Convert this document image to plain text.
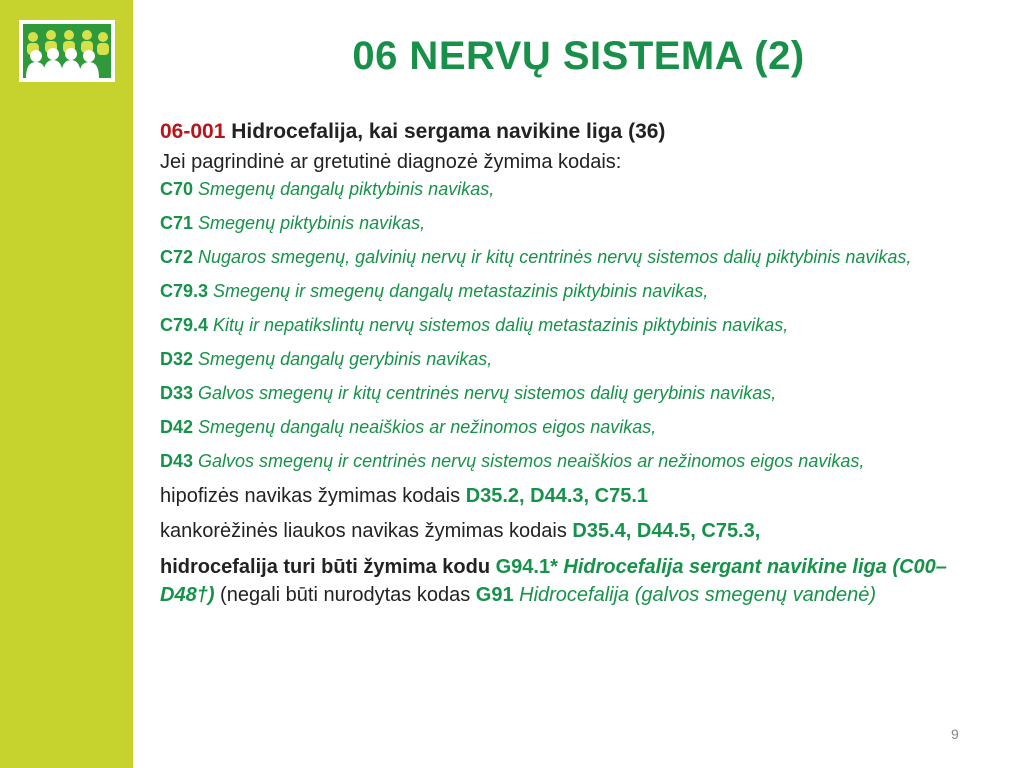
06 NERVŲ SISTEMA (2)

06-001 Hidrocefalija, kai sergama navikine liga (36)

Jei pagrindinė ar gretutinė diagnozė žymima kodais:

C70 Smegenų dangalų piktybinis navikas,

C71 Smegenų piktybinis navikas,

C72 Nugaros smegenų, galvinių nervų ir kitų centrinės nervų sistemos dalių piktybinis navikas,

C79.3 Smegenų ir smegenų dangalų metastazinis piktybinis navikas,

C79.4 Kitų ir nepatikslintų nervų sistemos dalių metastazinis piktybinis navikas,

D32 Smegenų dangalų gerybinis navikas,

D33 Galvos smegenų ir kitų centrinės nervų sistemos dalių gerybinis navikas,

D42 Smegenų dangalų neaiškios ar nežinomos eigos navikas,

D43 Galvos smegenų ir centrinės nervų sistemos neaiškios ar nežinomos eigos navikas,

hipofizės navikas žymimas kodais D35.2, D44.3, C75.1

kankorėžinės liaukos navikas žymimas kodais D35.4, D44.5, C75.3,

hidrocefalija turi būti žymima kodu G94.1* Hidrocefalija sergant navikine liga (C00–D48†) (negali būti nurodytas kodas G91 Hidrocefalija (galvos smegenų vandenė)

9
